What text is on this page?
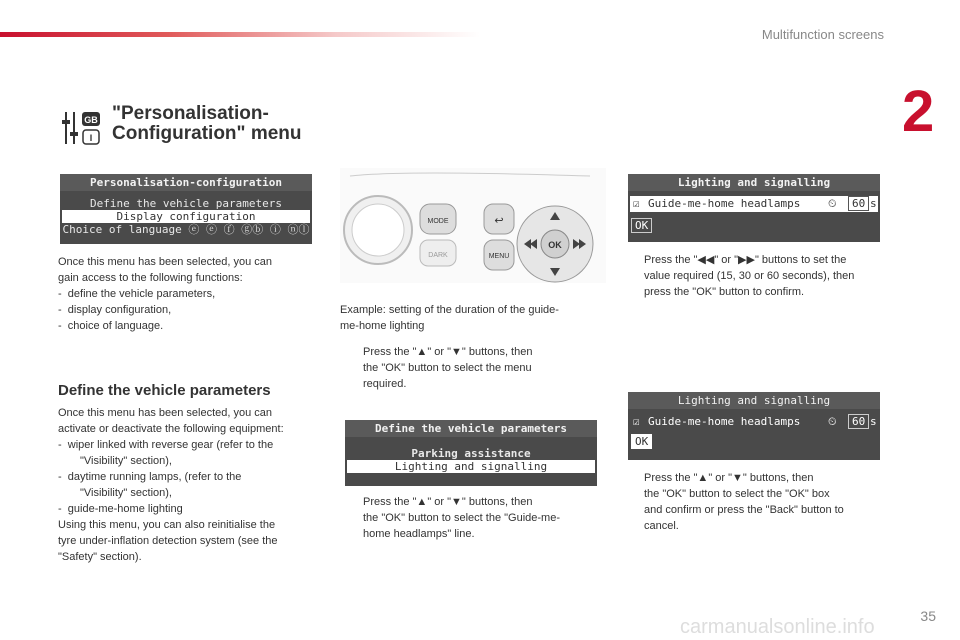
Multifunction screens
2
GB
I
"Personalisation-
Configuration" menu
Personalisation-configuration
Define the vehicle parameters
Display configuration
Choice of language ⓔ ⓔ ⓕ ⓖⓑ ⓘ ⓝⓛ
Once this menu has been selected, you can
gain access to the following functions:
-  define the vehicle parameters,
-  display configuration,
-  choice of language.
Define the vehicle parameters
Once this menu has been selected, you can
activate or deactivate the following equipment:
-  wiper linked with reverse gear (refer to the
"Visibility" section),
-  daytime running lamps, (refer to the
"Visibility" section),
-  guide-me-home lighting
Using this menu, you can also reinitialise the
tyre under-inflation detection system (see the
"Safety" section).
MODE
DARK
↩
MENU
OK
Example: setting of the duration of the guide-
me-home lighting
Press the "▲" or "▼" buttons, then
the "OK" button to select the menu
required.
Define the vehicle parameters
Parking assistance
Lighting and signalling
Press the "▲" or "▼" buttons, then
the "OK" button to select the "Guide-me-
home headlamps" line.
Lighting and signalling
☑ Guide-me-home headlamps	⏲	60 s
OK
Press the "◀◀" or "▶▶" buttons to set the
value required (15, 30 or 60 seconds), then
press the "OK" button to confirm.
Lighting and signalling
☑ Guide-me-home headlamps	⏲	60 s
OK
Press the "▲" or "▼" buttons, then
the "OK" button to select the "OK" box
and confirm or press the "Back" button to
cancel.
carmanualsonline.info	35
